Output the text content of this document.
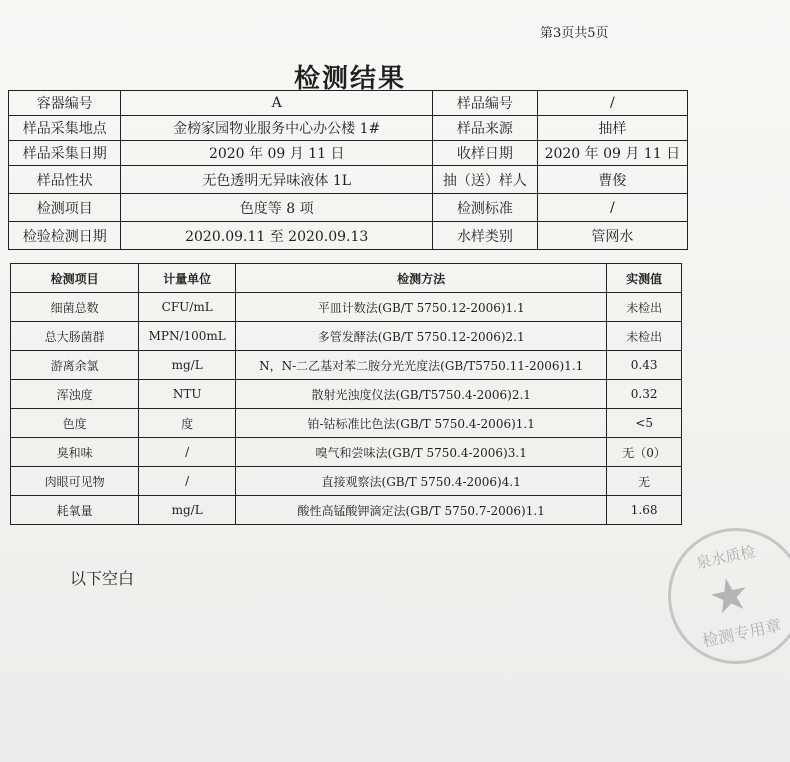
第3页共5页
检测结果
容器编号	A	样品编号	/
样品采集地点	金榜家园物业服务中心办公楼 1#	样品来源	抽样
样品采集日期	2020 年 09 月 11 日	收样日期	2020 年 09 月 11 日
样品性状	无色透明无异味液体 1L	抽（送）样人	曹俊
检测项目	色度等 8 项	检测标准	/
检验检测日期	2020.09.11 至 2020.09.13	水样类别	管网水
检测项目	计量单位	检测方法	实测值
细菌总数	CFU/mL	平皿计数法(GB/T 5750.12-2006)1.1	未检出
总大肠菌群	MPN/100mL	多管发酵法(GB/T 5750.12-2006)2.1	未检出
游离余氯	mg/L	N，N-二乙基对苯二胺分光光度法(GB/T5750.11-2006)1.1	0.43
浑浊度	NTU	散射光浊度仪法(GB/T5750.4-2006)2.1	0.32
色度	度	铂-钴标准比色法(GB/T 5750.4-2006)1.1	<5
臭和味	/	嗅气和尝味法(GB/T 5750.4-2006)3.1	无（0）
肉眼可见物	/	直接观察法(GB/T 5750.4-2006)4.1	无
耗氧量	mg/L	酸性高锰酸钾滴定法(GB/T 5750.7-2006)1.1	1.68
以下空白
泉水质检
★
检测专用章
